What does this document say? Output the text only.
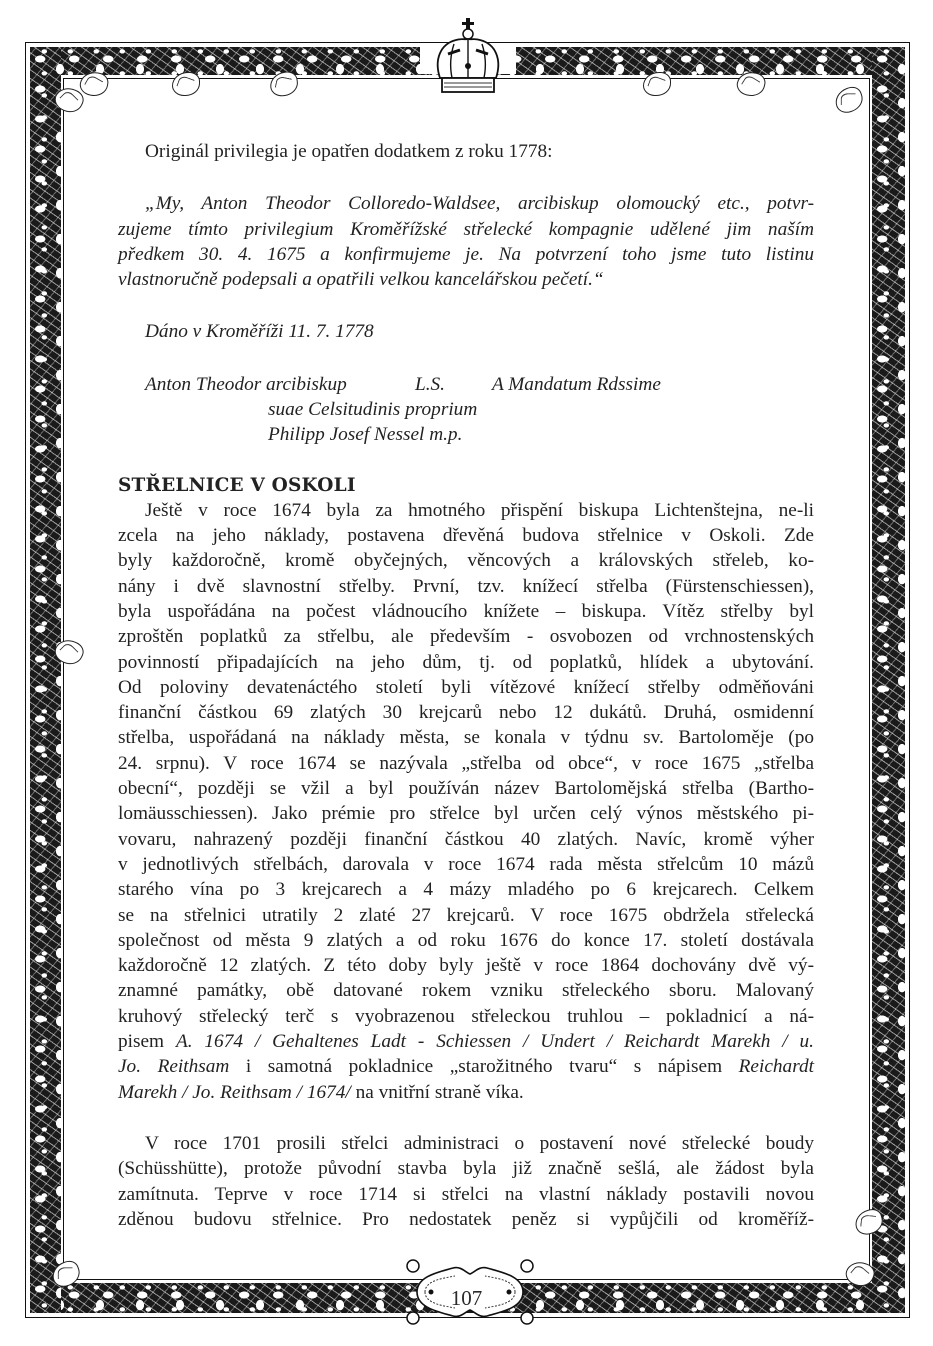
107

Originál privilegia je opatřen dodatkem z roku 1778:

„My, Anton Theodor Colloredo-Waldsee, arcibiskup olomoucký etc., potvr-
zujeme tímto privilegium Kroměřížské střelecké kompagnie udělené jim naším
předkem 30. 4. 1675 a konfirmujeme je. Na potvrzení toho jsme tuto listinu
vlastnoručně podepsali a opatřili velkou kancelářskou pečetí.“

Dáno v Kroměříži 11. 7. 1778

Anton Theodor arcibiskup	L.S. A Mandatum Rdssime
suae Celsitudinis proprium
Philipp Josef Nessel m.p.
STŘELNICE V OSKOLI
Ještě v roce 1674 byla za hmotného přispění biskupa Lichtenštejna, ne-li
zcela na jeho náklady, postavena dřevěná budova střelnice v Oskoli. Zde
byly každoročně, kromě obyčejných, věncových a královských střeleb, ko-
nány i dvě slavnostní střelby. První, tzv. knížecí střelba (Fürstenschiessen),
byla uspořádána na počest vládnoucího knížete – biskupa. Vítěz střelby byl
zproštěn poplatků za střelbu, ale především - osvobozen od vrchnostenských
povinností připadajících na jeho dům, tj. od poplatků, hlídek a ubytování.
Od poloviny devatenáctého století byli vítězové knížecí střelby odměňováni
finanční částkou 69 zlatých 30 krejcarů nebo 12 dukátů. Druhá, osmidenní
střelba, uspořádaná na náklady města, se konala v týdnu sv. Bartoloměje (po
24. srpnu). V roce 1674 se nazývala „střelba od obce“, v roce 1675 „střelba
obecní“, později se vžil a byl používán název Bartolomějská střelba (Bartho-
lomäusschiessen). Jako prémie pro střelce byl určen celý výnos městského pi-
vovaru, nahrazený později finanční částkou 40 zlatých. Navíc, kromě výher
v jednotlivých střelbách, darovala v roce 1674 rada města střelcům 10 mázů
starého vína po 3 krejcarech a 4 mázy mladého po 6 krejcarech. Celkem
se na střelnici utratily 2 zlaté 27 krejcarů. V roce 1675 obdržela střelecká
společnost od města 9 zlatých a od roku 1676 do konce 17. století dostávala
každoročně 12 zlatých. Z této doby byly ještě v roce 1864 dochovány dvě vý-
znamné památky, obě datované rokem vzniku střeleckého sboru. Malovaný
kruhový střelecký terč s vyobrazenou střeleckou truhlou – pokladnicí a ná-
pisem A. 1674 / Gehaltenes Ladt - Schiessen / Undert / Reichardt Marekh / u.
Jo. Reithsam i samotná pokladnice „starožitného tvaru“ s nápisem Reichardt
Marekh / Jo. Reithsam / 1674/ na vnitřní straně víka.
V roce 1701 prosili střelci administraci o postavení nové střelecké boudy
(Schüsshütte), protože původní stavba byla již značně sešlá, ale žádost byla
zamítnuta. Teprve v roce 1714 si střelci na vlastní náklady postavili novou
zděnou budovu střelnice. Pro nedostatek peněz si vypůjčili od kroměříž-
